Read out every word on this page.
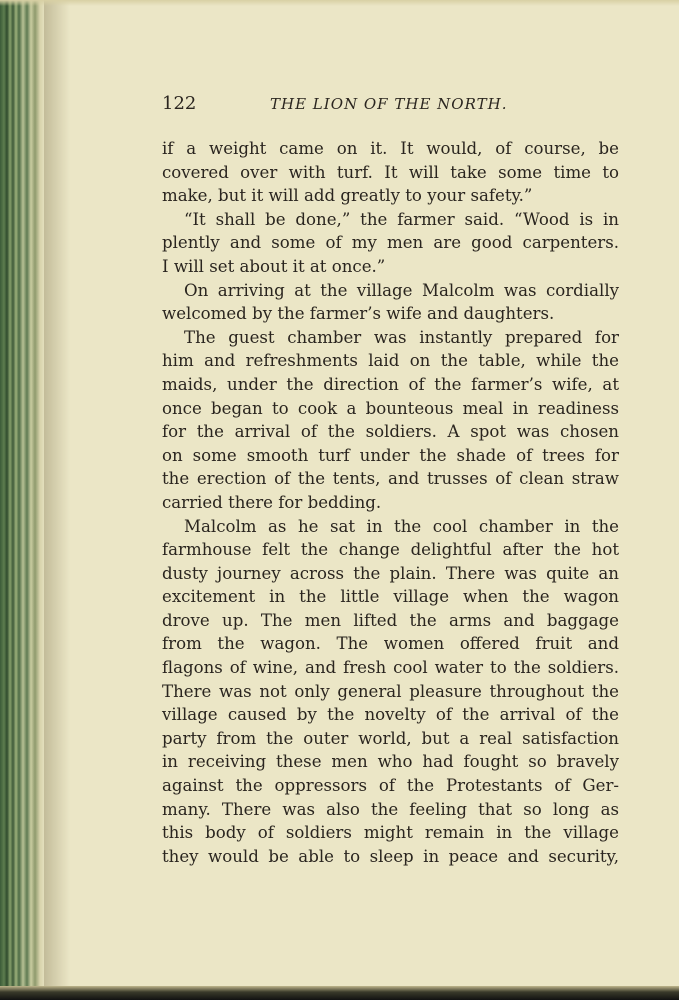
122	THE LION OF THE NORTH.
if a weight came on it. It would, of course, be
covered over with turf. It will take some time to
make, but it will add greatly to your safety.”
“It shall be done,” the farmer said. “Wood is in
plently and some of my men are good carpenters.
I will set about it at once.”
On arriving at the village Malcolm was cordially
welcomed by the farmer’s wife and daughters.
The guest chamber was instantly prepared for
him and refreshments laid on the table, while the
maids, under the direction of the farmer’s wife, at
once began to cook a bounteous meal in readiness
for the arrival of the soldiers. A spot was chosen
on some smooth turf under the shade of trees for
the erection of the tents, and trusses of clean straw
carried there for bedding.
Malcolm as he sat in the cool chamber in the
farmhouse felt the change delightful after the hot
dusty journey across the plain. There was quite an
excitement in the little village when the wagon
drove up. The men lifted the arms and baggage
from the wagon. The women offered fruit and
flagons of wine, and fresh cool water to the soldiers.
There was not only general pleasure throughout the
village caused by the novelty of the arrival of the
party from the outer world, but a real satisfaction
in receiving these men who had fought so bravely
against the oppressors of the Protestants of Ger-
many. There was also the feeling that so long as
this body of soldiers might remain in the village
they would be able to sleep in peace and security,
